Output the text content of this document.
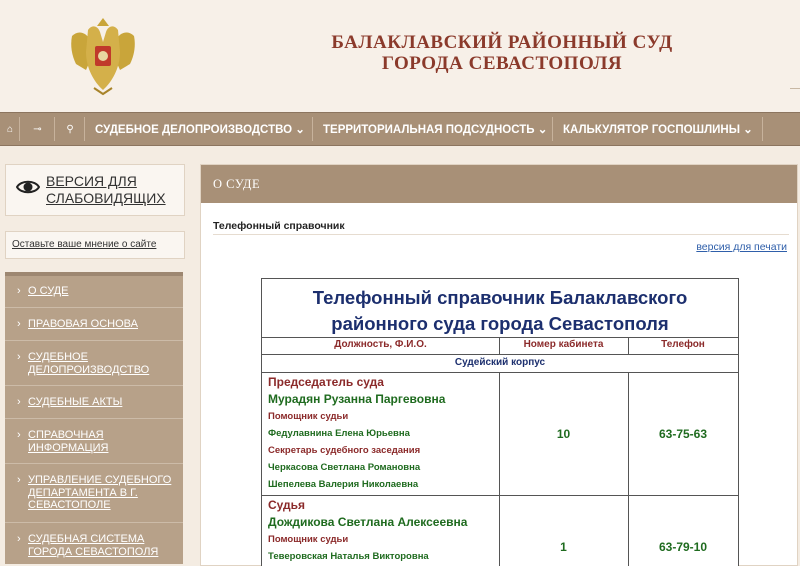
БАЛАКЛАВСКИЙ РАЙОННЫЙ СУД
ГОРОДА СЕВАСТОПОЛЯ
⌂	⊸	⚲	СУДЕБНОЕ ДЕЛОПРОИЗВОДСТВО ⌄ ТЕРРИТОРИАЛЬНАЯ ПОДСУДНОСТЬ ⌄ КАЛЬКУЛЯТОР ГОСПОШЛИНЫ ⌄
ВЕРСИЯ ДЛЯ СЛАБОВИДЯЩИХ
Оставьте ваше мнение о сайте
› О СУДЕ
› ПРАВОВАЯ ОСНОВА
› СУДЕБНОЕ ДЕЛОПРОИЗВОДСТВО
› СУДЕБНЫЕ АКТЫ
› СПРАВОЧНАЯ ИНФОРМАЦИЯ
› УПРАВЛЕНИЕ СУДЕБНОГО ДЕПАРТАМЕНТА В Г. СЕВАСТОПОЛЕ
› СУДЕБНАЯ СИСТЕМА ГОРОДА СЕВАСТОПОЛЯ
О СУДЕ
Телефонный справочник
версия для печати
Телефонный справочник Балаклавского
районного суда города Севастополя
Должность, Ф.И.О.	Номер кабинета	Телефон
Судейский корпус
Председатель суда
Мурадян Рузанна Паргевовна
Помощник судьи
Федулавнина Елена Юрьевна
Секретарь судебного заседания
Черкасова Светлана Романовна
Шепелева Валерия Николаевна
10	63-75-63
Судья
Дождикова Светлана Алексеевна
Помощник судьи
Теверовская Наталья Викторовна
1	63-79-10
